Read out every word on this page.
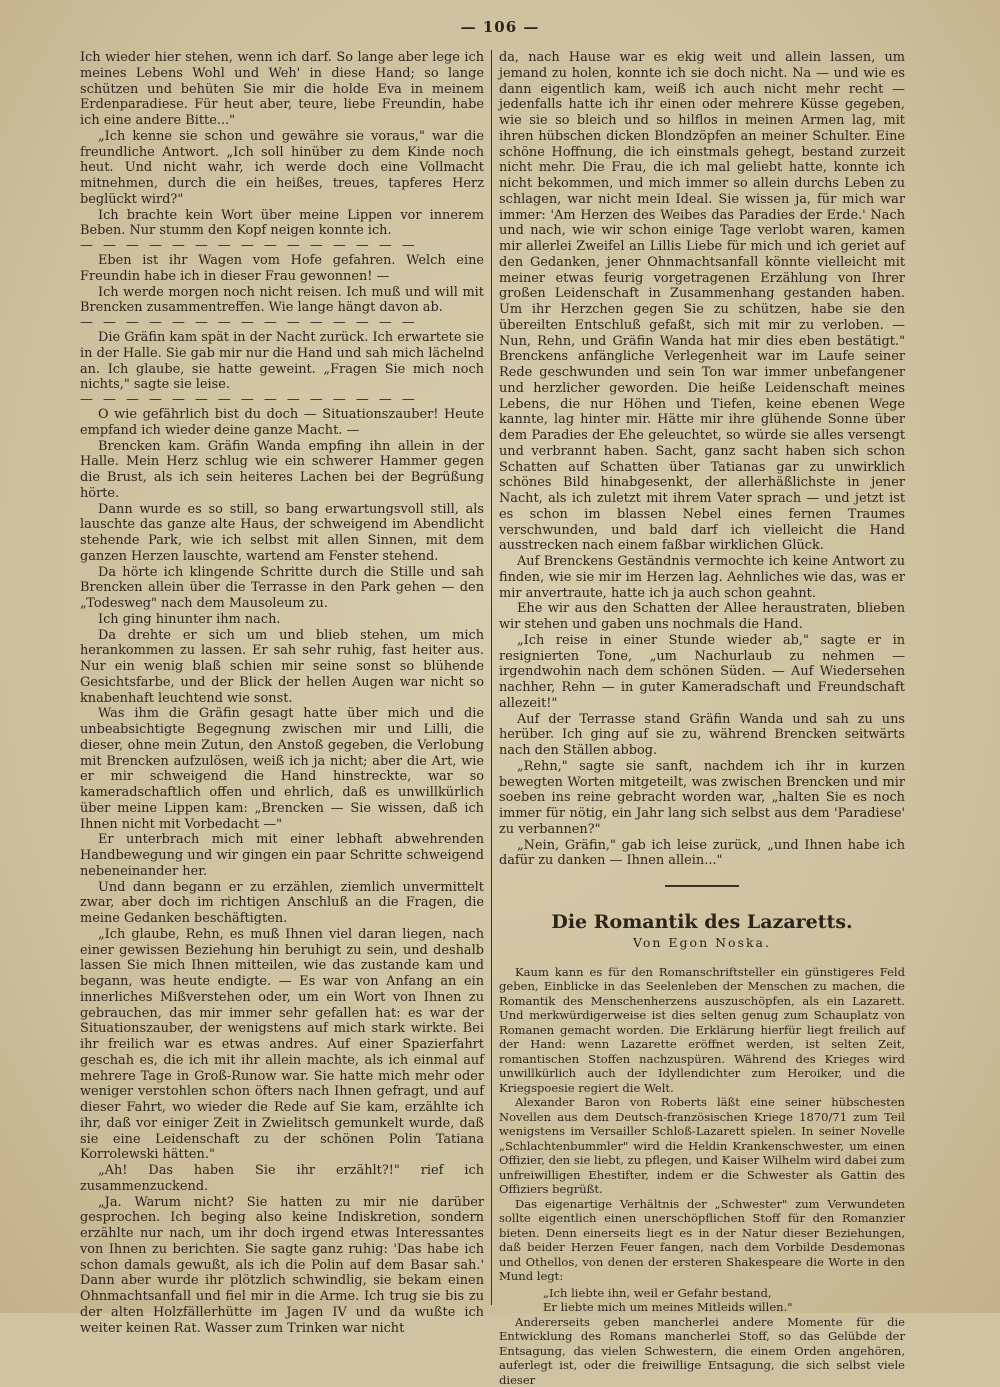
— 106 —

Ich wieder hier stehen, wenn ich darf. So lange aber lege ich meines Lebens Wohl und Weh' in diese Hand; so lange schützen und behüten Sie mir die holde Eva in meinem Erdenparadiese. Für heut aber, teure, liebe Freundin, habe ich eine andere Bitte..."

„Ich kenne sie schon und gewähre sie voraus," war die freundliche Antwort. „Ich soll hinüber zu dem Kinde noch heut. Und nicht wahr, ich werde doch eine Vollmacht mitnehmen, durch die ein heißes, treues, tapferes Herz beglückt wird?"

Ich brachte kein Wort über meine Lippen vor innerem Beben. Nur stumm den Kopf neigen konnte ich.

— — — — — — — — — — — — — — —

Eben ist ihr Wagen vom Hofe gefahren. Welch eine Freundin habe ich in dieser Frau gewonnen! —

Ich werde morgen noch nicht reisen. Ich muß und will mit Brencken zusammentreffen. Wie lange hängt davon ab.

— — — — — — — — — — — — — — —

Die Gräfin kam spät in der Nacht zurück. Ich erwartete sie in der Halle. Sie gab mir nur die Hand und sah mich lächelnd an. Ich glaube, sie hatte geweint. „Fragen Sie mich noch nichts," sagte sie leise.

— — — — — — — — — — — — — — —

O wie gefährlich bist du doch — Situationszauber! Heute empfand ich wieder deine ganze Macht. —

Brencken kam. Gräfin Wanda empfing ihn allein in der Halle. Mein Herz schlug wie ein schwerer Hammer gegen die Brust, als ich sein heiteres Lachen bei der Begrüßung hörte.

Dann wurde es so still, so bang erwartungsvoll still, als lauschte das ganze alte Haus, der schweigend im Abendlicht stehende Park, wie ich selbst mit allen Sinnen, mit dem ganzen Herzen lauschte, wartend am Fenster stehend.

Da hörte ich klingende Schritte durch die Stille und sah Brencken allein über die Terrasse in den Park gehen — den „Todesweg" nach dem Mausoleum zu.

Ich ging hinunter ihm nach.

Da drehte er sich um und blieb stehen, um mich herankommen zu lassen. Er sah sehr ruhig, fast heiter aus. Nur ein wenig blaß schien mir seine sonst so blühende Gesichtsfarbe, und der Blick der hellen Augen war nicht so knabenhaft leuchtend wie sonst.

Was ihm die Gräfin gesagt hatte über mich und die unbeabsichtigte Begegnung zwischen mir und Lilli, die dieser, ohne mein Zutun, den Anstoß gegeben, die Verlobung mit Brencken aufzulösen, weiß ich ja nicht; aber die Art, wie er mir schweigend die Hand hinstreckte, war so kameradschaftlich offen und ehrlich, daß es unwillkürlich über meine Lippen kam: „Brencken — Sie wissen, daß ich Ihnen nicht mit Vorbedacht —"

Er unterbrach mich mit einer lebhaft abwehrenden Handbewegung und wir gingen ein paar Schritte schweigend nebeneinander her.

Und dann begann er zu erzählen, ziemlich unvermittelt zwar, aber doch im richtigen Anschluß an die Fragen, die meine Gedanken beschäftigten.

„Ich glaube, Rehn, es muß Ihnen viel daran liegen, nach einer gewissen Beziehung hin beruhigt zu sein, und deshalb lassen Sie mich Ihnen mitteilen, wie das zustande kam und begann, was heute endigte. — Es war von Anfang an ein innerliches Mißverstehen oder, um ein Wort von Ihnen zu gebrauchen, das mir immer sehr gefallen hat: es war der Situationszauber, der wenigstens auf mich stark wirkte. Bei ihr freilich war es etwas andres. Auf einer Spazierfahrt geschah es, die ich mit ihr allein machte, als ich einmal auf mehrere Tage in Groß-Runow war. Sie hatte mich mehr oder weniger verstohlen schon öfters nach Ihnen gefragt, und auf dieser Fahrt, wo wieder die Rede auf Sie kam, erzählte ich ihr, daß vor einiger Zeit in Zwielitsch gemunkelt wurde, daß sie eine Leidenschaft zu der schönen Polin Tatiana Korrolewski hätten."

„Ah! Das haben Sie ihr erzählt?!" rief ich zusammenzuckend.

„Ja. Warum nicht? Sie hatten zu mir nie darüber gesprochen. Ich beging also keine Indiskretion, sondern erzählte nur nach, um ihr doch irgend etwas Interessantes von Ihnen zu berichten. Sie sagte ganz ruhig: 'Das habe ich schon damals gewußt, als ich die Polin auf dem Basar sah.' Dann aber wurde ihr plötzlich schwindlig, sie bekam einen Ohnmachtsanfall und fiel mir in die Arme. Ich trug sie bis zu der alten Holzfällerhütte im Jagen IV und da wußte ich weiter keinen Rat. Wasser zum Trinken war nicht

da, nach Hause war es ekig weit und allein lassen, um jemand zu holen, konnte ich sie doch nicht. Na — und wie es dann eigentlich kam, weiß ich auch nicht mehr recht — jedenfalls hatte ich ihr einen oder mehrere Küsse gegeben, wie sie so bleich und so hilflos in meinen Armen lag, mit ihren hübschen dicken Blondzöpfen an meiner Schulter. Eine schöne Hoffnung, die ich einstmals gehegt, bestand zurzeit nicht mehr. Die Frau, die ich mal geliebt hatte, konnte ich nicht bekommen, und mich immer so allein durchs Leben zu schlagen, war nicht mein Ideal. Sie wissen ja, für mich war immer: 'Am Herzen des Weibes das Paradies der Erde.' Nach und nach, wie wir schon einige Tage verlobt waren, kamen mir allerlei Zweifel an Lillis Liebe für mich und ich geriet auf den Gedanken, jener Ohnmachtsanfall könnte vielleicht mit meiner etwas feurig vorgetragenen Erzählung von Ihrer großen Leidenschaft in Zusammenhang gestanden haben. Um ihr Herzchen gegen Sie zu schützen, habe sie den übereilten Entschluß gefaßt, sich mit mir zu verloben. — Nun, Rehn, und Gräfin Wanda hat mir dies eben bestätigt." Brenckens anfängliche Verlegenheit war im Laufe seiner Rede geschwunden und sein Ton war immer unbefangener und herzlicher geworden. Die heiße Leidenschaft meines Lebens, die nur Höhen und Tiefen, keine ebenen Wege kannte, lag hinter mir. Hätte mir ihre glühende Sonne über dem Paradies der Ehe geleuchtet, so würde sie alles versengt und verbrannt haben. Sacht, ganz sacht haben sich schon Schatten auf Schatten über Tatianas gar zu unwirklich schönes Bild hinabgesenkt, der allerhäßlichste in jener Nacht, als ich zuletzt mit ihrem Vater sprach — und jetzt ist es schon im blassen Nebel eines fernen Traumes verschwunden, und bald darf ich vielleicht die Hand ausstrecken nach einem faßbar wirklichen Glück.

Auf Brenckens Geständnis vermochte ich keine Antwort zu finden, wie sie mir im Herzen lag. Aehnliches wie das, was er mir anvertraute, hatte ich ja auch schon geahnt.

Ehe wir aus den Schatten der Allee heraustraten, blieben wir stehen und gaben uns nochmals die Hand.

„Ich reise in einer Stunde wieder ab," sagte er in resignierten Tone, „um Nachurlaub zu nehmen — irgendwohin nach dem schönen Süden. — Auf Wiedersehen nachher, Rehn — in guter Kameradschaft und Freundschaft allezeit!"

Auf der Terrasse stand Gräfin Wanda und sah zu uns herüber. Ich ging auf sie zu, während Brencken seitwärts nach den Ställen abbog.

„Rehn," sagte sie sanft, nachdem ich ihr in kurzen bewegten Worten mitgeteilt, was zwischen Brencken und mir soeben ins reine gebracht worden war, „halten Sie es noch immer für nötig, ein Jahr lang sich selbst aus dem 'Paradiese' zu verbannen?"

„Nein, Gräfin," gab ich leise zurück, „und Ihnen habe ich dafür zu danken — Ihnen allein..."

Die Romantik des Lazaretts.
Von Egon Noska.

Kaum kann es für den Romanschriftsteller ein günstigeres Feld geben, Einblicke in das Seelenleben der Menschen zu machen, die Romantik des Menschenherzens auszuschöpfen, als ein Lazarett. Und merkwürdigerweise ist dies selten genug zum Schauplatz von Romanen gemacht worden. Die Erklärung hierfür liegt freilich auf der Hand: wenn Lazarette eröffnet werden, ist selten Zeit, romantischen Stoffen nachzuspüren. Während des Krieges wird unwillkürlich auch der Idyllendichter zum Heroiker, und die Kriegspoesie regiert die Welt.

Alexander Baron von Roberts läßt eine seiner hübschesten Novellen aus dem Deutsch-französischen Kriege 1870/71 zum Teil wenigstens im Versailler Schloß-Lazarett spielen. In seiner Novelle „Schlachtenbummler" wird die Heldin Krankenschwester, um einen Offizier, den sie liebt, zu pflegen, und Kaiser Wilhelm wird dabei zum unfreiwilligen Ehestifter, indem er die Schwester als Gattin des Offiziers begrüßt.

Das eigenartige Verhältnis der „Schwester" zum Verwundeten sollte eigentlich einen unerschöpflichen Stoff für den Romanzier bieten. Denn einerseits liegt es in der Natur dieser Beziehungen, daß beider Herzen Feuer fangen, nach dem Vorbilde Desdemonas und Othellos, von denen der ersteren Shakespeare die Worte in den Mund legt:

„Ich liebte ihn, weil er Gefahr bestand,

Er liebte mich um meines Mitleids willen."

Andererseits geben mancherlei andere Momente für die Entwicklung des Romans mancherlei Stoff, so das Gelübde der Entsagung, das vielen Schwestern, die einem Orden angehören, auferlegt ist, oder die freiwillige Entsagung, die sich selbst viele dieser
